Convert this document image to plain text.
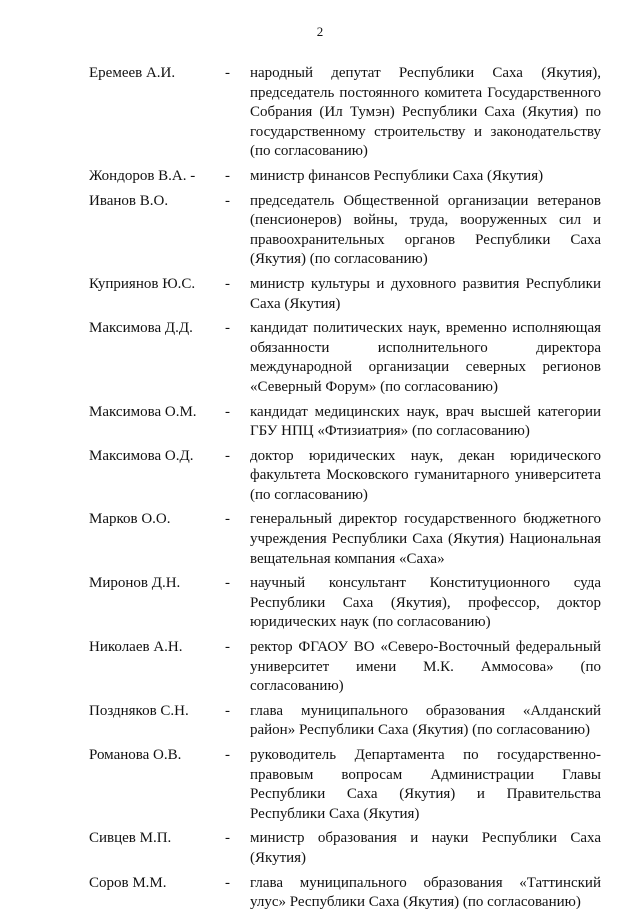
2
Еремеев А.И.	-	народный депутат Республики Саха (Якутия), председатель постоянного комитета Государственного Собрания (Ил Тумэн) Республики Саха (Якутия) по государственному строительству и законодательству (по согласованию)
Жондоров В.А. -	-	министр финансов Республики Саха (Якутия)
Иванов В.О.	-	председатель Общественной организации ветеранов (пенсионеров) войны, труда, вооруженных сил и правоохранительных органов Республики Саха (Якутия) (по согласованию)
Куприянов Ю.С.	-	министр культуры и духовного развития Республики Саха (Якутия)
Максимова Д.Д.	-	кандидат политических наук, временно исполняющая обязанности исполнительного директора международной организации северных регионов «Северный Форум» (по согласованию)
Максимова О.М.	-	кандидат медицинских наук, врач высшей категории ГБУ НПЦ «Фтизиатрия» (по согласованию)
Максимова О.Д.	-	доктор юридических наук, декан юридического факультета Московского гуманитарного университета (по согласованию)
Марков О.О.	-	генеральный директор государственного бюджетного учреждения Республики Саха (Якутия) Национальная вещательная компания «Саха»
Миронов Д.Н.	-	научный консультант Конституционного суда Республики Саха (Якутия), профессор, доктор юридических наук (по согласованию)
Николаев А.Н.	-	ректор ФГАОУ ВО «Северо-Восточный федеральный университет имени М.К. Аммосова» (по согласованию)
Поздняков С.Н.	-	глава муниципального образования «Алданский район» Республики Саха (Якутия) (по согласованию)
Романова О.В.	-	руководитель Департамента по государственно-правовым вопросам Администрации Главы Республики Саха (Якутия) и Правительства Республики Саха (Якутия)
Сивцев М.П.	-	министр образования и науки Республики Саха (Якутия)
Соров М.М.	-	глава муниципального образования «Таттинский улус» Республики Саха (Якутия) (по согласованию)
